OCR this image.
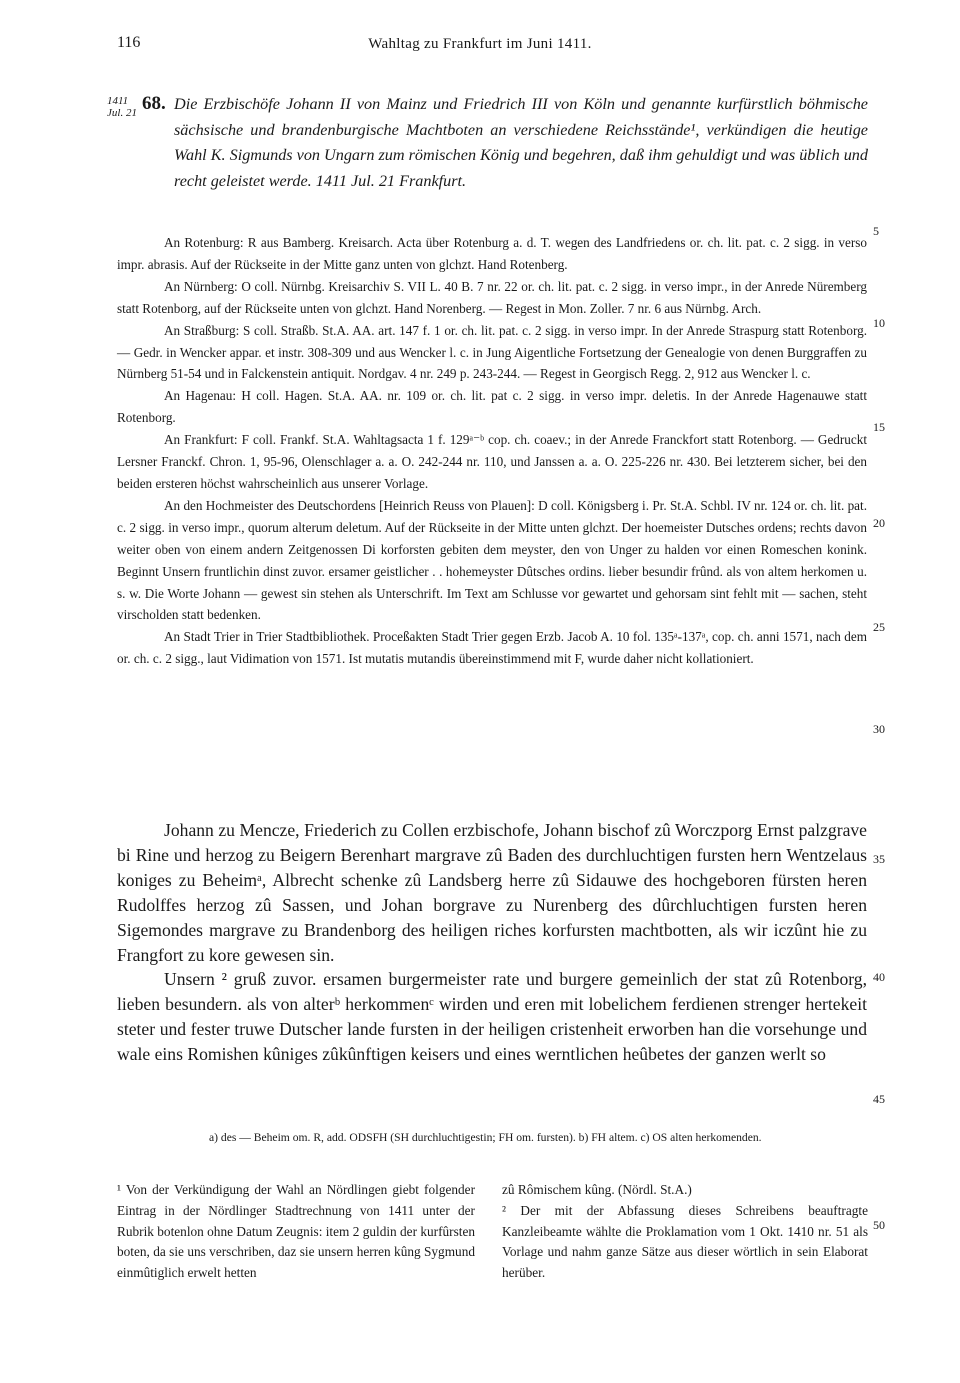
116	Wahltag zu Frankfurt im Juni 1411.
1411
Jul. 21 68. Die Erzbischöfe Johann II von Mainz und Friedrich III von Köln und genannte kurfürstlich böhmische sächsische und brandenburgische Machtboten an verschiedene Reichsstände¹, verkündigen die heutige Wahl K. Sigmunds von Ungarn zum römischen König und begehren, daß ihm gehuldigt und was üblich und recht geleistet werde. 1411 Jul. 21 Frankfurt.

An Rotenburg: R aus Bamberg. Kreisarch. Acta über Rotenburg a. d. T. wegen des Landfriedens or. ch. lit. pat. c. 2 sigg. in verso impr. abrasis. Auf der Rückseite in der Mitte ganz unten von glchzt. Hand Rotenberg.

An Nürnberg: O coll. Nürnbg. Kreisarchiv S. VII L. 40 B. 7 nr. 22 or. ch. lit. pat. c. 2 sigg. in verso impr., in der Anrede Nüremberg statt Rotenborg, auf der Rückseite unten von glchzt. Hand Norenberg. — Regest in Mon. Zoller. 7 nr. 6 aus Nürnbg. Arch.

An Straßburg: S coll. Straßb. St.A. AA. art. 147 f. 1 or. ch. lit. pat. c. 2 sigg. in verso impr. In der Anrede Straspurg statt Rotenborg. — Gedr. in Wencker appar. et instr. 308-309 und aus Wencker l. c. in Jung Aigentliche Fortsetzung der Genealogie von denen Burggraffen zu Nürnberg 51-54 und in Falckenstein antiquit. Nordgav. 4 nr. 249 p. 243-244. — Regest in Georgisch Regg. 2, 912 aus Wencker l. c.

An Hagenau: H coll. Hagen. St.A. AA. nr. 109 or. ch. lit. pat c. 2 sigg. in verso impr. deletis. In der Anrede Hagenauwe statt Rotenborg.

An Frankfurt: F coll. Frankf. St.A. Wahltagsacta 1 f. 129ᵃ⁻ᵇ cop. ch. coaev.; in der Anrede Franckfort statt Rotenborg. — Gedruckt Lersner Franckf. Chron. 1, 95-96, Olenschlager a. a. O. 242-244 nr. 110, und Janssen a. a. O. 225-226 nr. 430. Bei letzterem sicher, bei den beiden ersteren höchst wahrscheinlich aus unserer Vorlage.

An den Hochmeister des Deutschordens [Heinrich Reuss von Plauen]: D coll. Königsberg i. Pr. St.A. Schbl. IV nr. 124 or. ch. lit. pat. c. 2 sigg. in verso impr., quorum alterum deletum. Auf der Rückseite in der Mitte unten glchzt. Der hoemeister Dutsches ordens; rechts davon weiter oben von einem andern Zeitgenossen Di korforsten gebiten dem meyster, den von Unger zu halden vor einen Romeschen konink. Beginnt Unsern fruntlichin dinst zuvor. ersamer geistlicher . . hohemeyster Dûtsches ordins. lieber besundir frûnd. als von altem herkomen u. s. w. Die Worte Johann — gewest sin stehen als Unterschrift. Im Text am Schlusse vor gewartet und gehorsam sint fehlt mit — sachen, steht virscholden statt bedenken.

An Stadt Trier in Trier Stadtbibliothek. Proceßakten Stadt Trier gegen Erzb. Jacob A. 10 fol. 135ᵃ-137ᵃ, cop. ch. anni 1571, nach dem or. ch. c. 2 sigg., laut Vidimation von 1571. Ist mutatis mutandis übereinstimmend mit F, wurde daher nicht kollationiert.

Johann zu Mencze, Friederich zu Collen erzbischofe, Johann bischof zû Worczporg Ernst palzgrave bi Rine und herzog zu Beigern Berenhart margrave zû Baden des durchluchtigen fursten hern Wentzelaus koniges zu Beheimᵃ, Albrecht schenke zû Landsberg herre zû Sidauwe des hochgeboren fürsten heren Rudolffes herzog zû Sassen, und Johan borgrave zu Nurenberg des dûrchluchtigen fursten heren Sigemondes margrave zu Brandenborg des heiligen riches korfursten machtbotten, als wir iczûnt hie zu Frangfort zu kore gewesen sin.

Unsern ² gruß zuvor. ersamen burgermeister rate und burgere gemeinlich der stat zû Rotenborg, lieben besundern. als von alterᵇ herkommenᶜ wirden und eren mit lobelichem ferdienen strenger hertekeit steter und fester truwe Dutscher lande fursten in der heiligen cristenheit erworben han die vorsehunge und wale eins Romishen kûniges zûkûnftigen keisers und eines werntlichen heûbetes der ganzen werlt so

a) des — Beheim om. R, add. ODSFH (SH durchluchtigestin; FH om. fursten). b) FH altem. c) OS alten herkomenden.
¹ Von der Verkündigung der Wahl an Nördlingen giebt folgender Eintrag in der Nördlinger Stadtrechnung von 1411 unter der Rubrik botenlon ohne Datum Zeugnis: item 2 guldin der kurfûrsten boten, da sie uns verschriben, daz sie unsern herren kûng Sygmund einmûtiglich erwelt hetten
zû Rômischem kûng. (Nördl. St.A.)
² Der mit der Abfassung dieses Schreibens beauftragte Kanzleibeamte wählte die Proklamation vom 1 Okt. 1410 nr. 51 als Vorlage und nahm ganze Sätze aus dieser wörtlich in sein Elaborat herüber.
5
10
15
20
25
30
35
40
45
50
